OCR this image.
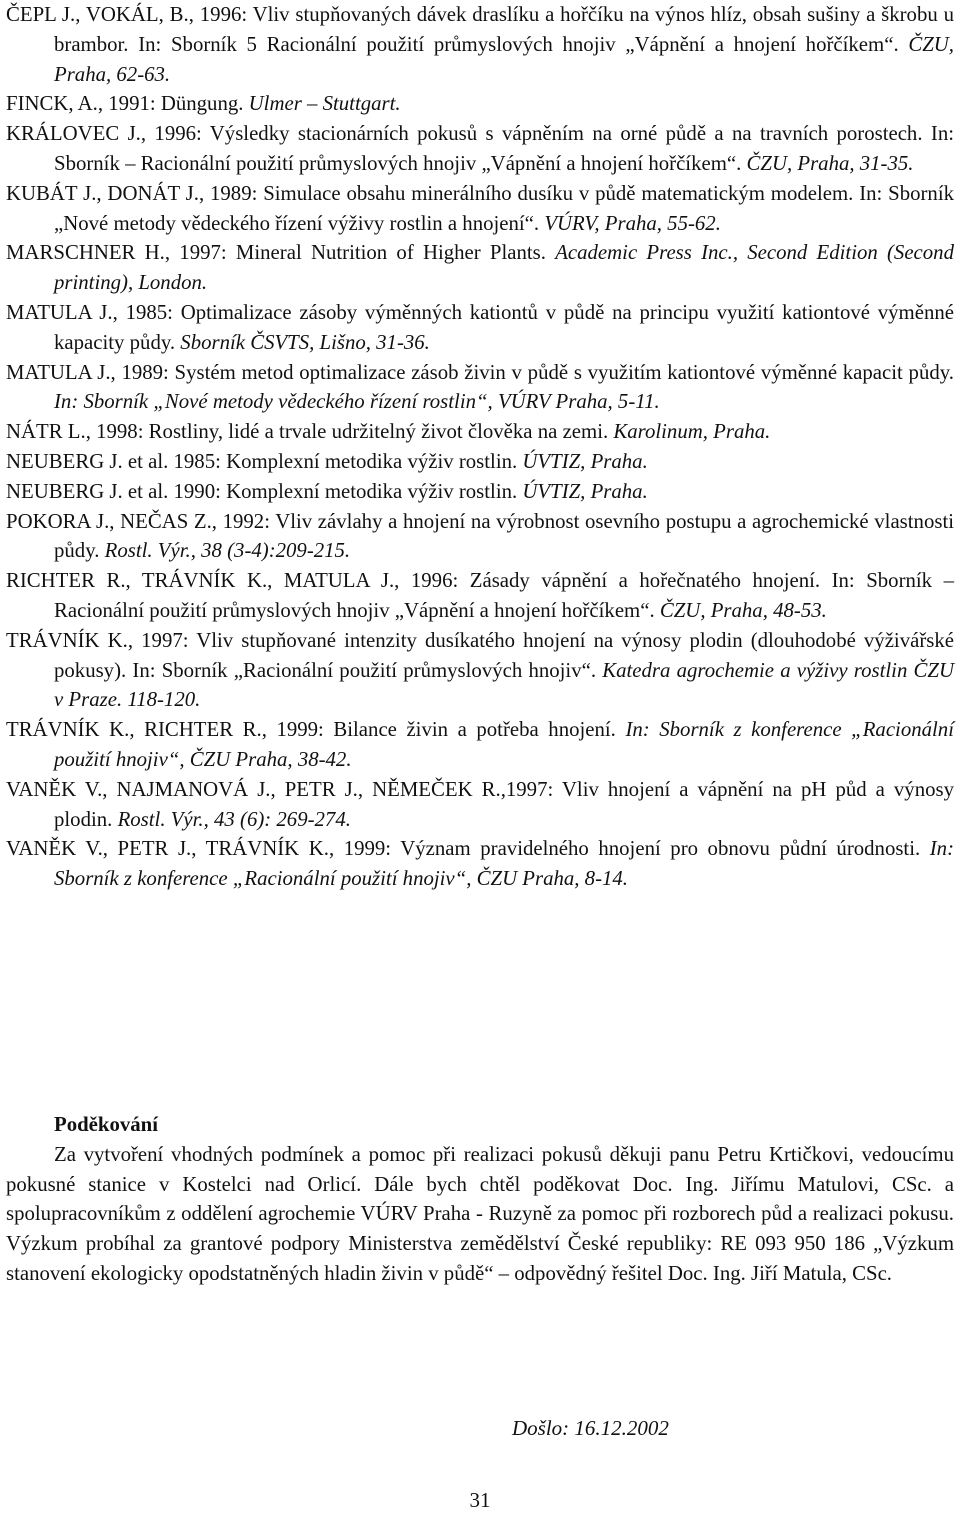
ČEPL J., VOKÁL, B., 1996: Vliv stupňovaných dávek draslíku a hořčíku na výnos hlíz, obsah sušiny a škrobu u brambor. In: Sborník 5 Racionální použití průmyslových hnojiv „Vápnění a hnojení hořčíkem“. ČZU, Praha, 62-63.
FINCK, A., 1991: Düngung. Ulmer – Stuttgart.
KRÁLOVEC J., 1996: Výsledky stacionárních pokusů s vápněním na orné půdě a na travních porostech. In: Sborník – Racionální použití průmyslových hnojiv „Vápnění a hnojení hořčíkem“. ČZU, Praha, 31-35.
KUBÁT J., DONÁT J., 1989: Simulace obsahu minerálního dusíku v půdě matematickým modelem. In: Sborník „Nové metody vědeckého řízení výživy rostlin a hnojení“. VÚRV, Praha, 55-62.
MARSCHNER H., 1997: Mineral Nutrition of Higher Plants. Academic Press Inc., Second Edition (Second printing), London.
MATULA J., 1985: Optimalizace zásoby výměnných kationtů v půdě na principu využití kationtové výměnné kapacity půdy. Sborník ČSVTS, Lišno, 31-36.
MATULA J., 1989: Systém metod optimalizace zásob živin v půdě s využitím kationtové výměnné kapacit půdy. In: Sborník „Nové metody vědeckého řízení rostlin“, VÚRV Praha, 5-11.
NÁTR L., 1998: Rostliny, lidé a trvale udržitelný život člověka na zemi. Karolinum, Praha.
NEUBERG J. et al. 1985: Komplexní metodika výživ rostlin. ÚVTIZ, Praha.
NEUBERG J. et al. 1990: Komplexní metodika výživ rostlin. ÚVTIZ, Praha.
POKORA J., NEČAS Z., 1992: Vliv závlahy a hnojení na výrobnost osevního postupu a agrochemické vlastnosti půdy. Rostl. Výr., 38 (3-4):209-215.
RICHTER R., TRÁVNÍK K., MATULA J., 1996: Zásady vápnění a hořečnatého hnojení. In: Sborník – Racionální použití průmyslových hnojiv „Vápnění a hnojení hořčíkem“. ČZU, Praha, 48-53.
TRÁVNÍK K., 1997: Vliv stupňované intenzity dusíkatého hnojení na výnosy plodin (dlouhodobé výživářské pokusy). In: Sborník „Racionální použití průmyslových hnojiv“. Katedra agrochemie a výživy rostlin ČZU v Praze. 118-120.
TRÁVNÍK K., RICHTER R., 1999: Bilance živin a potřeba hnojení. In: Sborník z konference „Racionální použití hnojiv“, ČZU Praha, 38-42.
VANĚK V., NAJMANOVÁ J., PETR J., NĚMEČEK R.,1997: Vliv hnojení a vápnění na pH půd a výnosy plodin. Rostl. Výr., 43 (6): 269-274.
VANĚK V., PETR J., TRÁVNÍK K., 1999: Význam pravidelného hnojení pro obnovu půdní úrodnosti. In: Sborník z konference „Racionální použití hnojiv“, ČZU Praha, 8-14.
Poděkování

Za vytvoření vhodných podmínek a pomoc při realizaci pokusů děkuji panu Petru Krtičkovi, vedoucímu pokusné stanice v Kostelci nad Orlicí. Dále bych chtěl poděkovat Doc. Ing. Jiřímu Matulovi, CSc. a spolupracovníkům z oddělení agrochemie VÚRV Praha - Ruzyně za pomoc při rozborech půd a realizaci pokusu. Výzkum probíhal za grantové podpory Ministerstva zemědělství České republiky: RE 093 950 186 „Výzkum stanovení ekologicky opodstatněných hladin živin v půdě“ – odpovědný řešitel Doc. Ing. Jiří Matula, CSc.

Došlo: 16.12.2002
31
